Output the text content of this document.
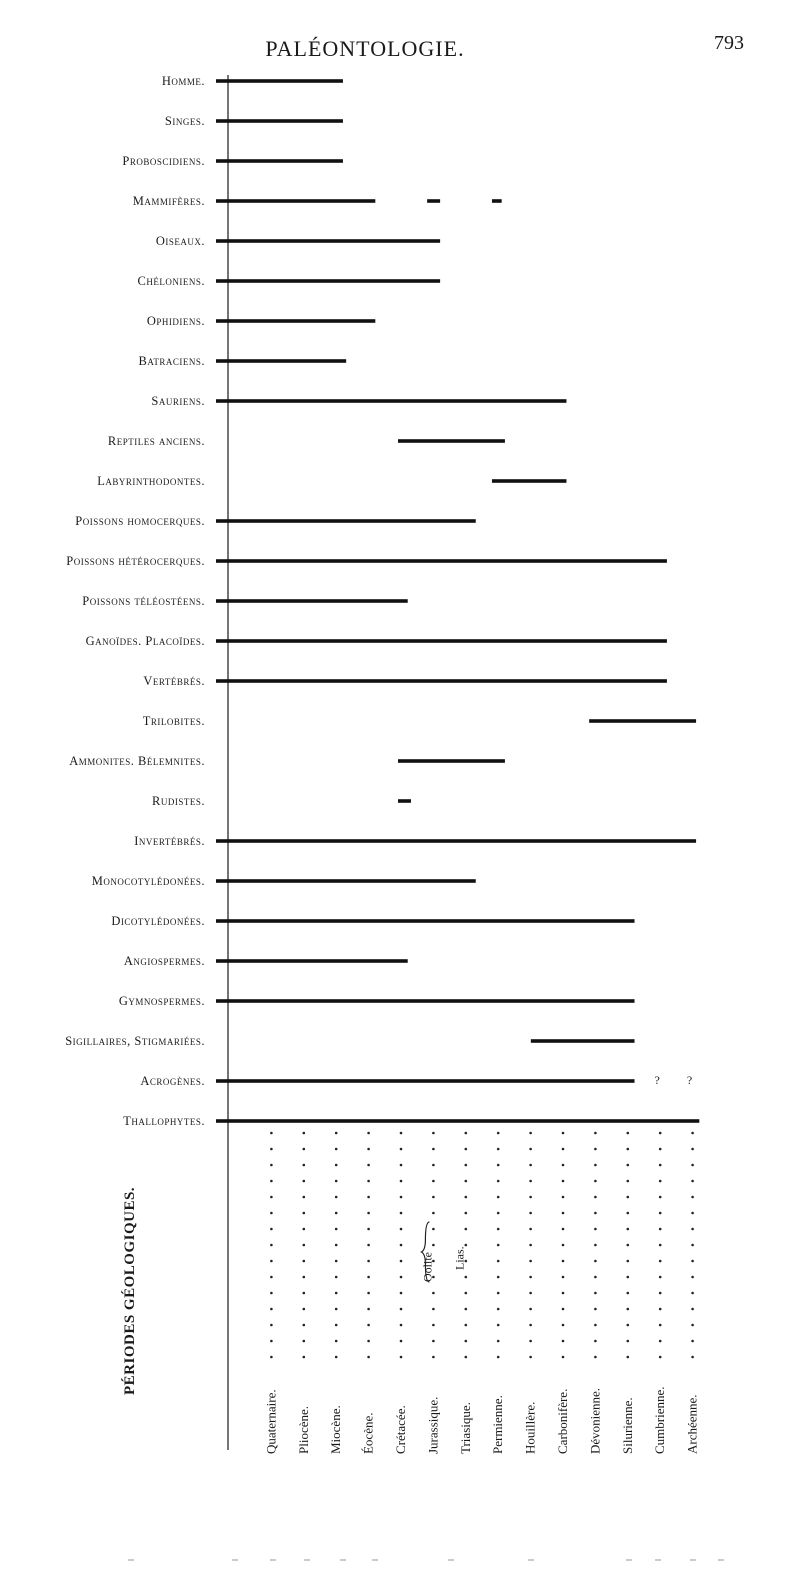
PALÉONTOLOGIE.	793
Homme.
Singes.
Proboscidiens.
Mammifères.
Oiseaux.
Chéloniens.
Ophidiens.
Batraciens.
Sauriens.
Reptiles anciens.
Labyrinthodontes.
Poissons homocerques.
Poissons hétérocerques.
Poissons téléostéens.
Ganoïdes. Placoïdes.
Vertébrés.
Trilobites.
Ammonites. Bélemnites.
Rudistes.
Invertébrés.
Monocotylédonées.
Dicotylédonées.
Angiospermes.
Gymnospermes.
Sigillaires, Stigmariées.
Acrogènes.	? ?
Thallophytes.
Quaternaire. Pliocène. Miocène. Éocène. Crétacée. Jurassique. Triasique. Permienne. Houillère. Carbonifère. Dévonienne. Silurienne. Cumbrienne. Archéenne.
Oolite Lias.
PÉRIODES GÉOLOGIQUES.
